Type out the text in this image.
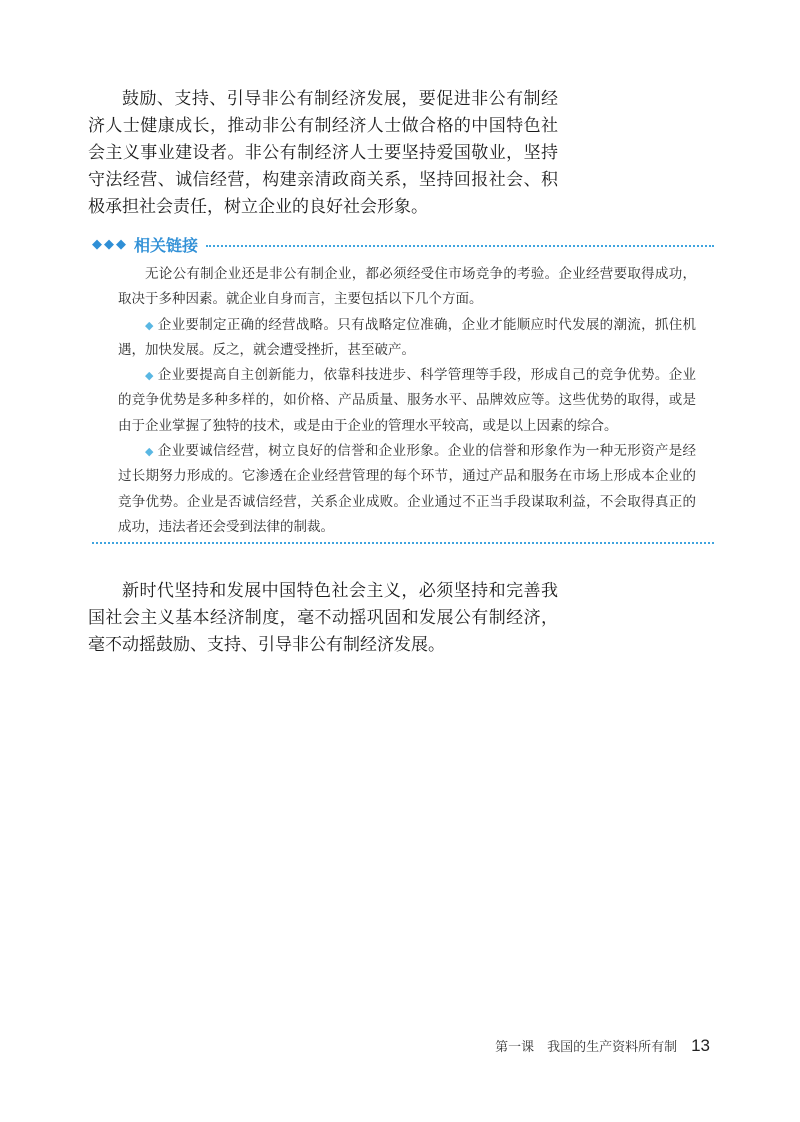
鼓励、支持、引导非公有制经济发展，要促进非公有制经济人士健康成长，推动非公有制经济人士做合格的中国特色社会主义事业建设者。非公有制经济人士要坚持爱国敬业，坚持守法经营、诚信经营，构建亲清政商关系，坚持回报社会、积极承担社会责任，树立企业的良好社会形象。

◆◆◆ 相关链接

无论公有制企业还是非公有制企业，都必须经受住市场竞争的考验。企业经营要取得成功，取决于多种因素。就企业自身而言，主要包括以下几个方面。

◆ 企业要制定正确的经营战略。只有战略定位准确，企业才能顺应时代发展的潮流，抓住机遇，加快发展。反之，就会遭受挫折，甚至破产。

◆ 企业要提高自主创新能力，依靠科技进步、科学管理等手段，形成自己的竞争优势。企业的竞争优势是多种多样的，如价格、产品质量、服务水平、品牌效应等。这些优势的取得，或是由于企业掌握了独特的技术，或是由于企业的管理水平较高，或是以上因素的综合。

◆ 企业要诚信经营，树立良好的信誉和企业形象。企业的信誉和形象作为一种无形资产是经过长期努力形成的。它渗透在企业经营管理的每个环节，通过产品和服务在市场上形成本企业的竞争优势。企业是否诚信经营，关系企业成败。企业通过不正当手段谋取利益，不会取得真正的成功，违法者还会受到法律的制裁。

新时代坚持和发展中国特色社会主义，必须坚持和完善我国社会主义基本经济制度，毫不动摇巩固和发展公有制经济，毫不动摇鼓励、支持、引导非公有制经济发展。

第一课　我国的生产资料所有制 13
